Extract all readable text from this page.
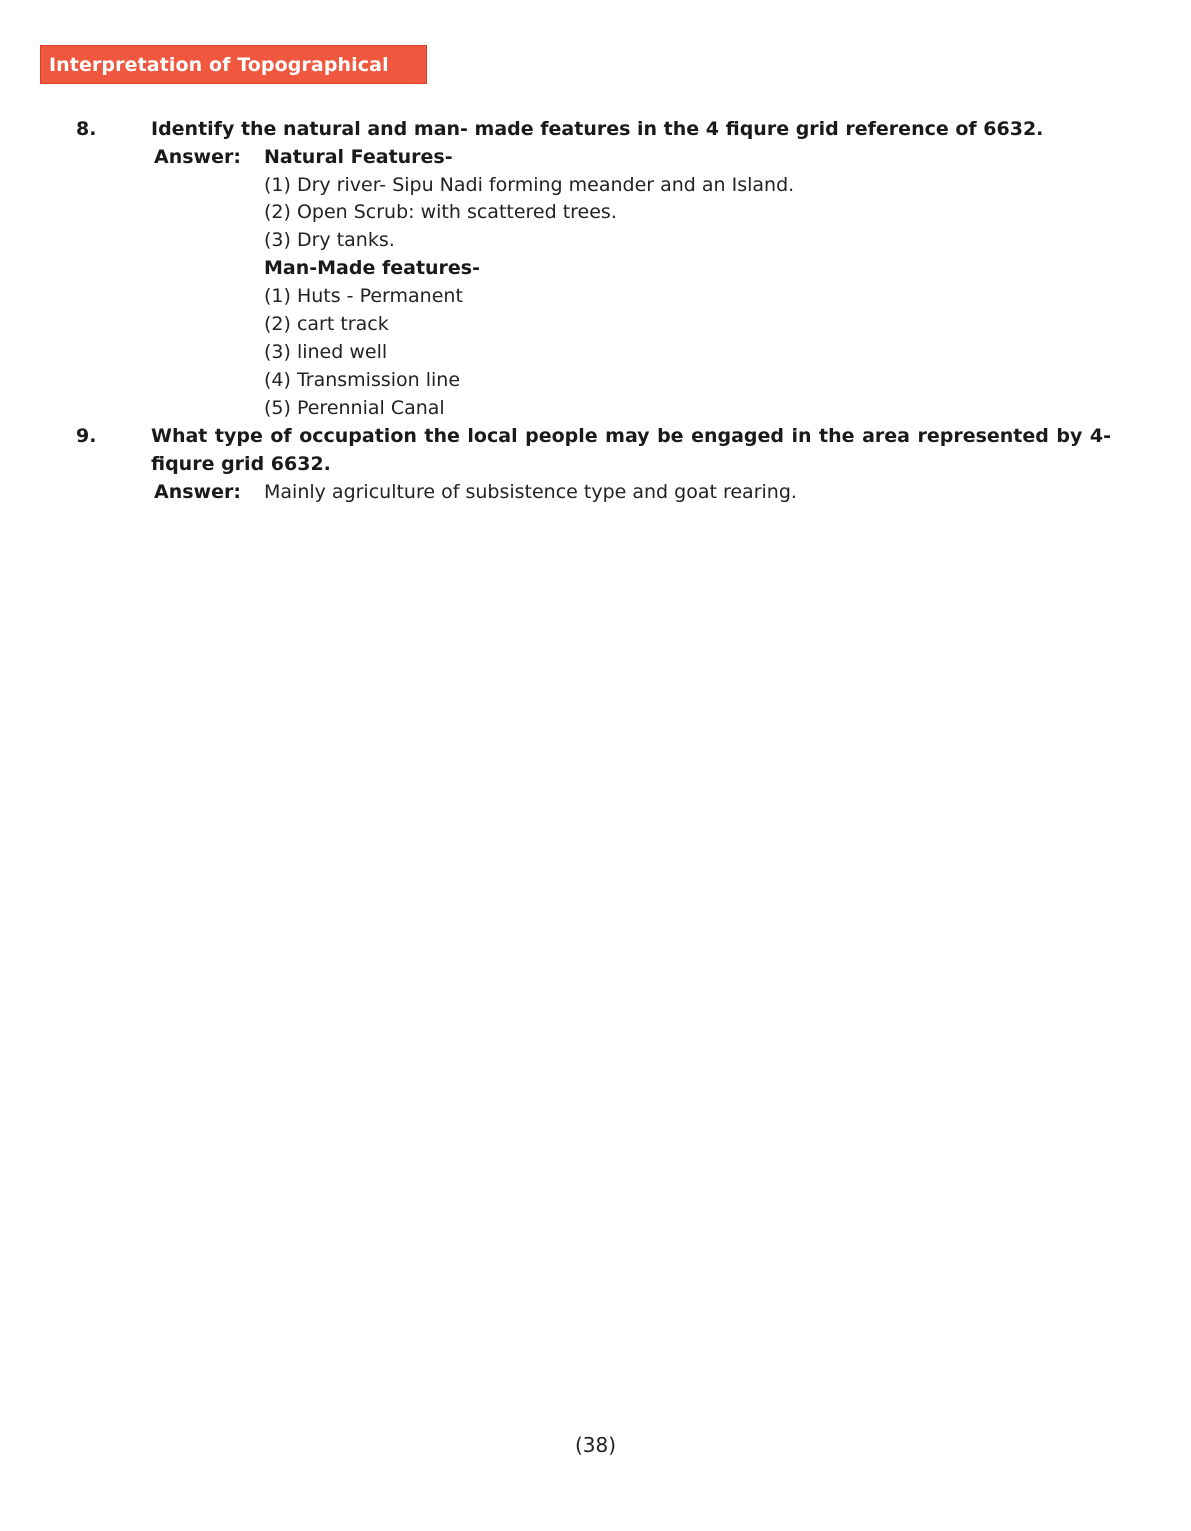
Interpretation of Topographical Maps
8.	Identify the natural and man- made features in the 4 fiqure grid reference of 6632.
Answer: Natural Features-
(1) Dry river- Sipu Nadi forming meander and an Island.
(2) Open Scrub: with scattered trees.
(3) Dry tanks.
Man-Made features-
(1) Huts - Permanent
(2) cart track
(3) lined well
(4) Transmission line
(5) Perennial Canal
9.	What type of occupation the local people may be engaged in the area represented by 4-fiqure grid 6632.
Answer: Mainly agriculture of subsistence type and goat rearing.
(38)
